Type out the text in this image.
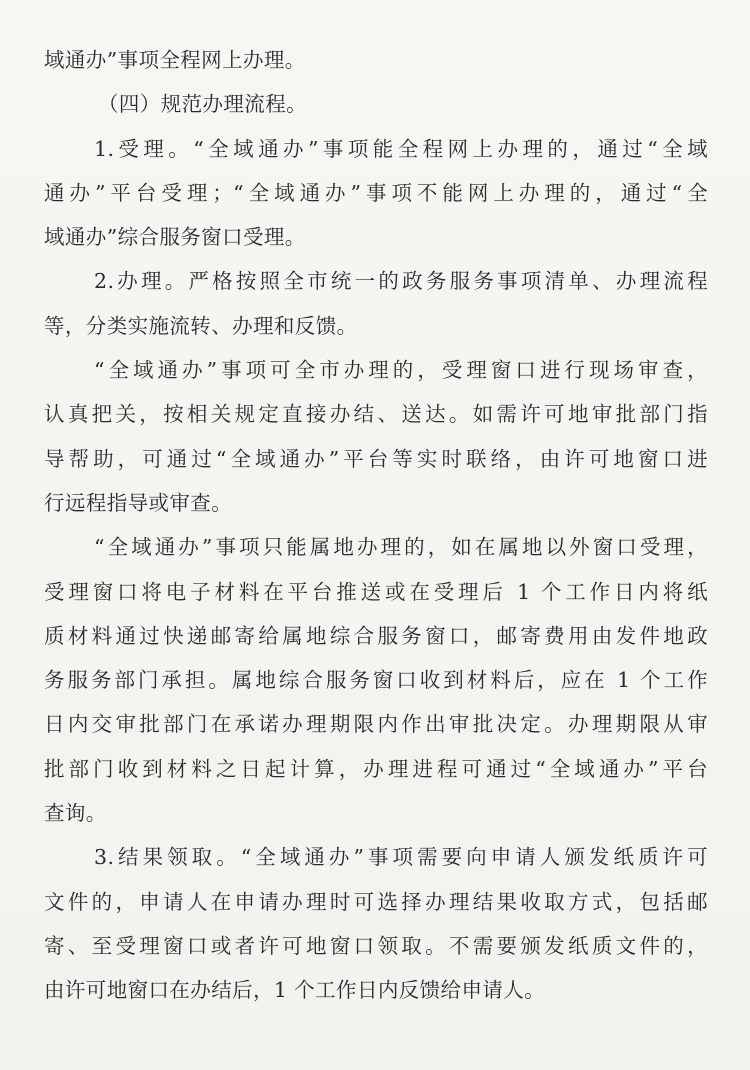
域通办”事项全程网上办理。
（四）规范办理流程。
1.受理。“全域通办”事项能全程网上办理的，通过“全域
通办”平台受理；“全域通办”事项不能网上办理的，通过“全
域通办”综合服务窗口受理。
2.办理。严格按照全市统一的政务服务事项清单、办理流程
等，分类实施流转、办理和反馈。
“全域通办”事项可全市办理的，受理窗口进行现场审查，
认真把关，按相关规定直接办结、送达。如需许可地审批部门指
导帮助，可通过“全域通办”平台等实时联络，由许可地窗口进
行远程指导或审查。
“全域通办”事项只能属地办理的，如在属地以外窗口受理，
受理窗口将电子材料在平台推送或在受理后 1 个工作日内将纸
质材料通过快递邮寄给属地综合服务窗口，邮寄费用由发件地政
务服务部门承担。属地综合服务窗口收到材料后，应在 1 个工作
日内交审批部门在承诺办理期限内作出审批决定。办理期限从审
批部门收到材料之日起计算，办理进程可通过“全域通办”平台
查询。
3.结果领取。“全域通办”事项需要向申请人颁发纸质许可
文件的，申请人在申请办理时可选择办理结果收取方式，包括邮
寄、至受理窗口或者许可地窗口领取。不需要颁发纸质文件的，
由许可地窗口在办结后，1 个工作日内反馈给申请人。
